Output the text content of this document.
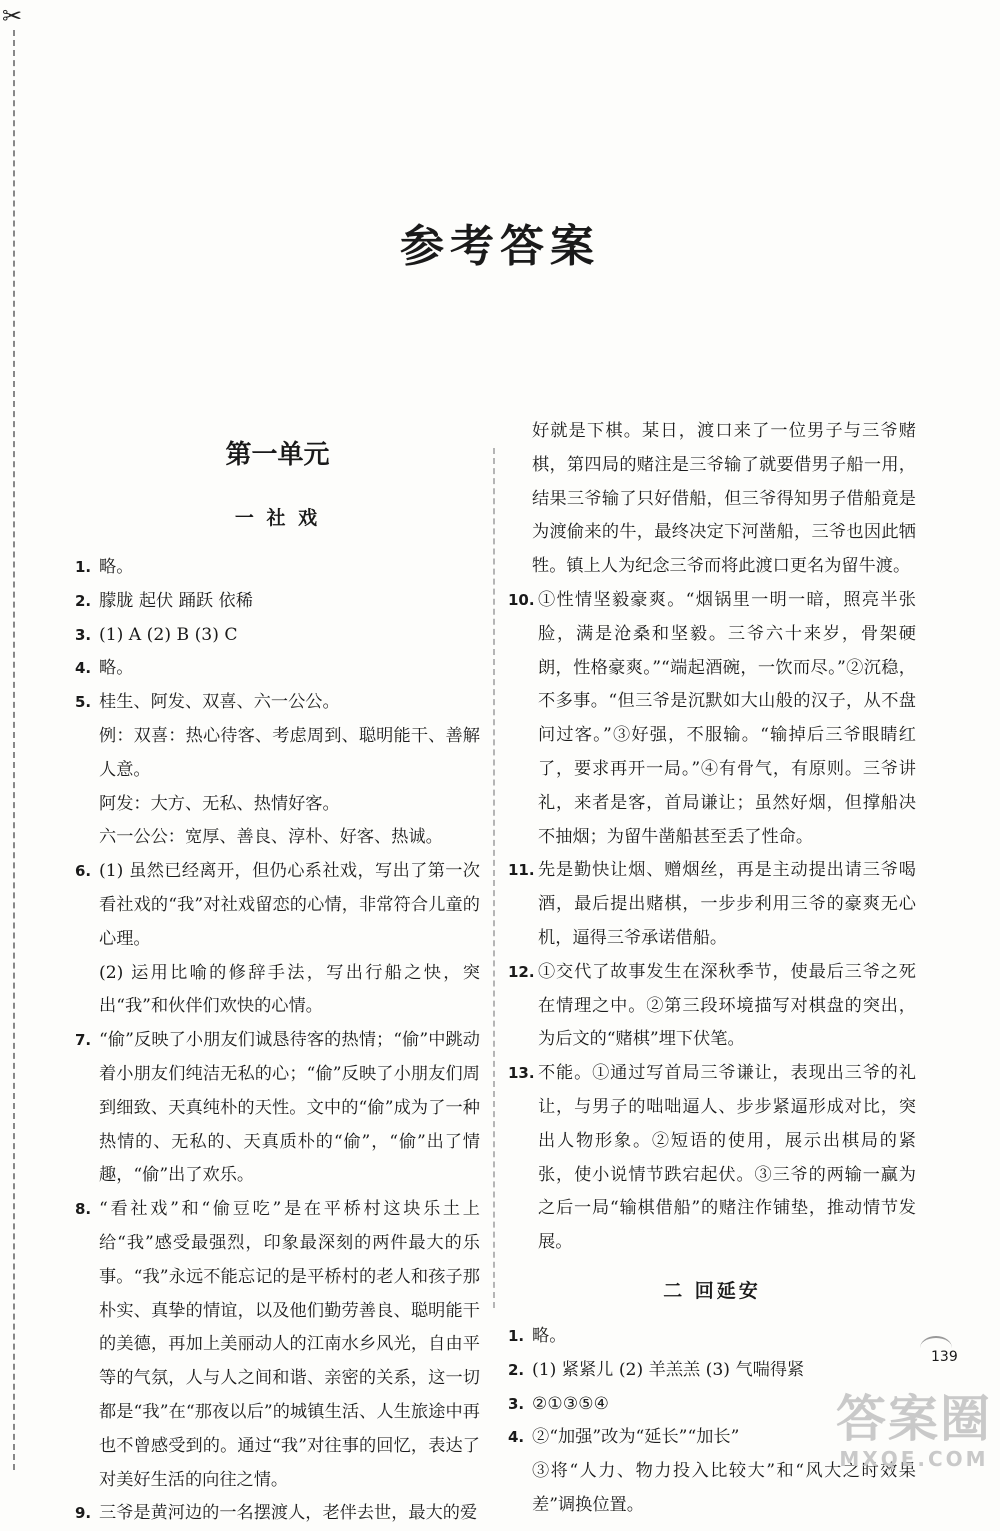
✂
参考答案
第一单元
一 社 戏
1. 略。
2. 朦胧 起伏 踊跃 依稀
3. (1) A (2) B (3) C
4. 略。
5. 桂生、阿发、双喜、六一公公。
例：双喜：热心待客、考虑周到、聪明能干、善解人意。
阿发：大方、无私、热情好客。
六一公公：宽厚、善良、淳朴、好客、热诚。
6. (1) 虽然已经离开，但仍心系社戏，写出了第一次看社戏的“我”对社戏留恋的心情，非常符合儿童的心理。
(2) 运用比喻的修辞手法，写出行船之快，突出“我”和伙伴们欢快的心情。
7. “偷”反映了小朋友们诚恳待客的热情；“偷”中跳动着小朋友们纯洁无私的心；“偷”反映了小朋友们周到细致、天真纯朴的天性。文中的“偷”成为了一种热情的、无私的、天真质朴的“偷”，“偷”出了情趣，“偷”出了欢乐。
8. “看社戏”和“偷豆吃”是在平桥村这块乐土上给“我”感受最强烈，印象最深刻的两件最大的乐事。“我”永远不能忘记的是平桥村的老人和孩子那朴实、真挚的情谊，以及他们勤劳善良、聪明能干的美德，再加上美丽动人的江南水乡风光，自由平等的气氛，人与人之间和谐、亲密的关系，这一切都是“我”在“那夜以后”的城镇生活、人生旅途中再也不曾感受到的。通过“我”对往事的回忆，表达了对美好生活的向往之情。
9. 三爷是黄河边的一名摆渡人，老伴去世，最大的爱
好就是下棋。某日，渡口来了一位男子与三爷赌棋，第四局的赌注是三爷输了就要借男子船一用，结果三爷输了只好借船，但三爷得知男子借船竟是为渡偷来的牛，最终决定下河凿船，三爷也因此牺牲。镇上人为纪念三爷而将此渡口更名为留牛渡。
10. ①性情坚毅豪爽。“烟锅里一明一暗，照亮半张脸，满是沧桑和坚毅。三爷六十来岁，骨架硬朗，性格豪爽。”“端起酒碗，一饮而尽。”②沉稳，不多事。“但三爷是沉默如大山般的汉子，从不盘问过客。”③好强，不服输。“输掉后三爷眼睛红了，要求再开一局。”④有骨气，有原则。三爷讲礼，来者是客，首局谦让；虽然好烟，但撑船决不抽烟；为留牛凿船甚至丢了性命。
11. 先是勤快让烟、赠烟丝，再是主动提出请三爷喝酒，最后提出赌棋，一步步利用三爷的豪爽无心机，逼得三爷承诺借船。
12. ①交代了故事发生在深秋季节，使最后三爷之死在情理之中。②第三段环境描写对棋盘的突出，为后文的“赌棋”埋下伏笔。
13. 不能。①通过写首局三爷谦让，表现出三爷的礼让，与男子的咄咄逼人、步步紧逼形成对比，突出人物形象。②短语的使用，展示出棋局的紧张，使小说情节跌宕起伏。③三爷的两输一赢为之后一局“输棋借船”的赌注作铺垫，推动情节发展。
二 回延安
1. 略。
2. (1) 紧紧儿 (2) 羊羔羔 (3) 气喘得紧
3. ②①③⑤④
4. ②“加强”改为“延长”“加长”
③将“人力、物力投入比较大”和“风大之时效果差”调换位置。
139
答案圈
MXQE.COM
